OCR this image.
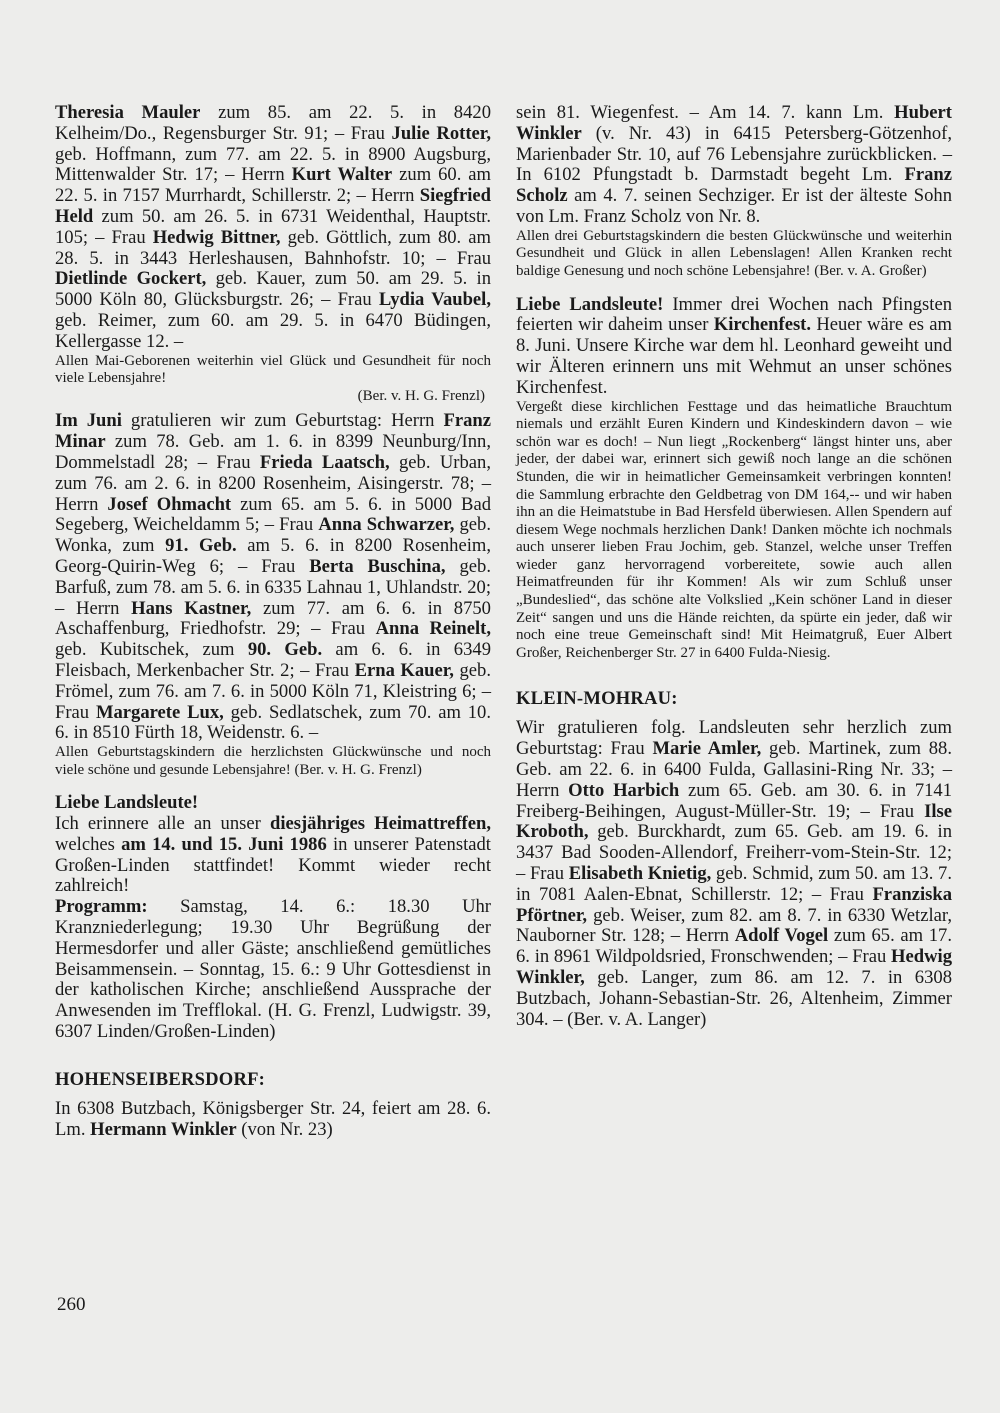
Theresia Mauler zum 85. am 22. 5. in 8420 Kelheim/Do., Regensburger Str. 91; – Frau Julie Rotter, geb. Hoffmann, zum 77. am 22. 5. in 8900 Augsburg, Mittenwalder Str. 17; – Herrn Kurt Walter zum 60. am 22. 5. in 7157 Murrhardt, Schillerstr. 2; – Herrn Siegfried Held zum 50. am 26. 5. in 6731 Weidenthal, Hauptstr. 105; – Frau Hedwig Bittner, geb. Göttlich, zum 80. am 28. 5. in 3443 Herleshausen, Bahnhofstr. 10; – Frau Dietlinde Gockert, geb. Kauer, zum 50. am 29. 5. in 5000 Köln 80, Glücksburgstr. 26; – Frau Lydia Vaubel, geb. Reimer, zum 60. am 29. 5. in 6470 Büdingen, Kellergasse 12. –

Allen Mai-Geborenen weiterhin viel Glück und Gesundheit für noch viele Lebensjahre!

(Ber. v. H. G. Frenzl)

Im Juni gratulieren wir zum Geburtstag: Herrn Franz Minar zum 78. Geb. am 1. 6. in 8399 Neunburg/Inn, Dommelstadl 28; – Frau Frieda Laatsch, geb. Urban, zum 76. am 2. 6. in 8200 Rosenheim, Aisingerstr. 78; – Herrn Josef Ohmacht zum 65. am 5. 6. in 5000 Bad Segeberg, Weicheldamm 5; – Frau Anna Schwarzer, geb. Wonka, zum 91. Geb. am 5. 6. in 8200 Rosenheim, Georg-Quirin-Weg 6; – Frau Berta Buschina, geb. Barfuß, zum 78. am 5. 6. in 6335 Lahnau 1, Uhlandstr. 20; – Herrn Hans Kastner, zum 77. am 6. 6. in 8750 Aschaffenburg, Friedhofstr. 29; – Frau Anna Reinelt, geb. Kubitschek, zum 90. Geb. am 6. 6. in 6349 Fleisbach, Merkenbacher Str. 2; – Frau Erna Kauer, geb. Frömel, zum 76. am 7. 6. in 5000 Köln 71, Kleistring 6; – Frau Margarete Lux, geb. Sedlatschek, zum 70. am 10. 6. in 8510 Fürth 18, Weidenstr. 6. –

Allen Geburtstagskindern die herzlichsten Glückwünsche und noch viele schöne und gesunde Lebensjahre! (Ber. v. H. G. Frenzl)

Liebe Landsleute!

Ich erinnere alle an unser diesjähriges Heimattreffen, welches am 14. und 15. Juni 1986 in unserer Patenstadt Großen-Linden stattfindet! Kommt wieder recht zahlreich!

Programm: Samstag, 14. 6.: 18.30 Uhr Kranzniederlegung; 19.30 Uhr Begrüßung der Hermesdorfer und aller Gäste; anschließend gemütliches Beisammensein. – Sonntag, 15. 6.: 9 Uhr Gottesdienst in der katholischen Kirche; anschließend Aussprache der Anwesenden im Trefflokal. (H. G. Frenzl, Ludwigstr. 39, 6307 Linden/Großen-Linden)

HOHENSEIBERSDORF:

In 6308 Butzbach, Königsberger Str. 24, feiert am 28. 6. Lm. Hermann Winkler (von Nr. 23)

sein 81. Wiegenfest. – Am 14. 7. kann Lm. Hubert Winkler (v. Nr. 43) in 6415 Petersberg-Götzenhof, Marienbader Str. 10, auf 76 Lebensjahre zurückblicken. – In 6102 Pfungstadt b. Darmstadt begeht Lm. Franz Scholz am 4. 7. seinen Sechziger. Er ist der älteste Sohn von Lm. Franz Scholz von Nr. 8.

Allen drei Geburtstagskindern die besten Glückwünsche und weiterhin Gesundheit und Glück in allen Lebenslagen! Allen Kranken recht baldige Genesung und noch schöne Lebensjahre! (Ber. v. A. Großer)

Liebe Landsleute! Immer drei Wochen nach Pfingsten feierten wir daheim unser Kirchenfest. Heuer wäre es am 8. Juni. Unsere Kirche war dem hl. Leonhard geweiht und wir Älteren erinnern uns mit Wehmut an unser schönes Kirchenfest.

Vergeßt diese kirchlichen Festtage und das heimatliche Brauchtum niemals und erzählt Euren Kindern und Kindeskindern davon – wie schön war es doch! – Nun liegt „Rockenberg“ längst hinter uns, aber jeder, der dabei war, erinnert sich gewiß noch lange an die schönen Stunden, die wir in heimatlicher Gemeinsamkeit verbringen konnten! die Sammlung erbrachte den Geldbetrag von DM 164,-- und wir haben ihn an die Heimatstube in Bad Hersfeld überwiesen. Allen Spendern auf diesem Wege nochmals herzlichen Dank! Danken möchte ich nochmals auch unserer lieben Frau Jochim, geb. Stanzel, welche unser Treffen wieder ganz hervorragend vorbereitete, sowie auch allen Heimatfreunden für ihr Kommen! Als wir zum Schluß unser „Bundeslied“, das schöne alte Volkslied „Kein schöner Land in dieser Zeit“ sangen und uns die Hände reichten, da spürte ein jeder, daß wir noch eine treue Gemeinschaft sind! Mit Heimatgruß, Euer Albert Großer, Reichenberger Str. 27 in 6400 Fulda-Niesig.

KLEIN-MOHRAU:

Wir gratulieren folg. Landsleuten sehr herzlich zum Geburtstag: Frau Marie Amler, geb. Martinek, zum 88. Geb. am 22. 6. in 6400 Fulda, Gallasini-Ring Nr. 33; – Herrn Otto Harbich zum 65. Geb. am 30. 6. in 7141 Freiberg-Beihingen, August-Müller-Str. 19; – Frau Ilse Kroboth, geb. Burckhardt, zum 65. Geb. am 19. 6. in 3437 Bad Sooden-Allendorf, Freiherr-vom-Stein-Str. 12; – Frau Elisabeth Knietig, geb. Schmid, zum 50. am 13. 7. in 7081 Aalen-Ebnat, Schillerstr. 12; – Frau Franziska Pförtner, geb. Weiser, zum 82. am 8. 7. in 6330 Wetzlar, Nauborner Str. 128; – Herrn Adolf Vogel zum 65. am 17. 6. in 8961 Wildpoldsried, Fronschwenden; – Frau Hedwig Winkler, geb. Langer, zum 86. am 12. 7. in 6308 Butzbach, Johann-Sebastian-Str. 26, Altenheim, Zimmer 304. – (Ber. v. A. Langer)

260
